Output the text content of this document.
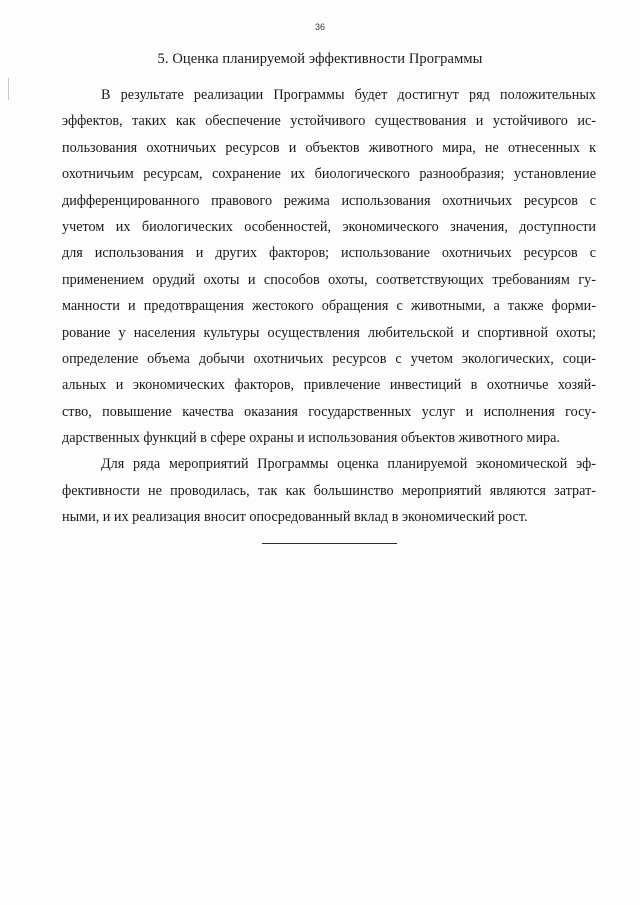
36
5. Оценка планируемой эффективности Программы
В результате реализации Программы будет достигнут ряд положительных
эффектов, таких как обеспечение устойчивого существования и устойчивого ис-
пользования охотничьих ресурсов и объектов животного мира, не отнесенных к
охотничьим ресурсам, сохранение их биологического разнообразия; установление
дифференцированного правового режима использования охотничьих ресурсов с
учетом их биологических особенностей, экономического значения, доступности
для использования и других факторов; использование охотничьих ресурсов с
применением орудий охоты и способов охоты, соответствующих требованиям гу-
манности и предотвращения жестокого обращения с животными, а также форми-
рование у населения культуры осуществления любительской и спортивной охоты;
определение объема добычи охотничьих ресурсов с учетом экологических, соци-
альных и экономических факторов, привлечение инвестиций в охотничье хозяй-
ство, повышение качества оказания государственных услуг и исполнения госу-
дарственных функций в сфере охраны и использования объектов животного мира.
Для ряда мероприятий Программы оценка планируемой экономической эф-
фективности не проводилась, так как большинство мероприятий являются затрат-
ными, и их реализация вносит опосредованный вклад в экономический рост.
